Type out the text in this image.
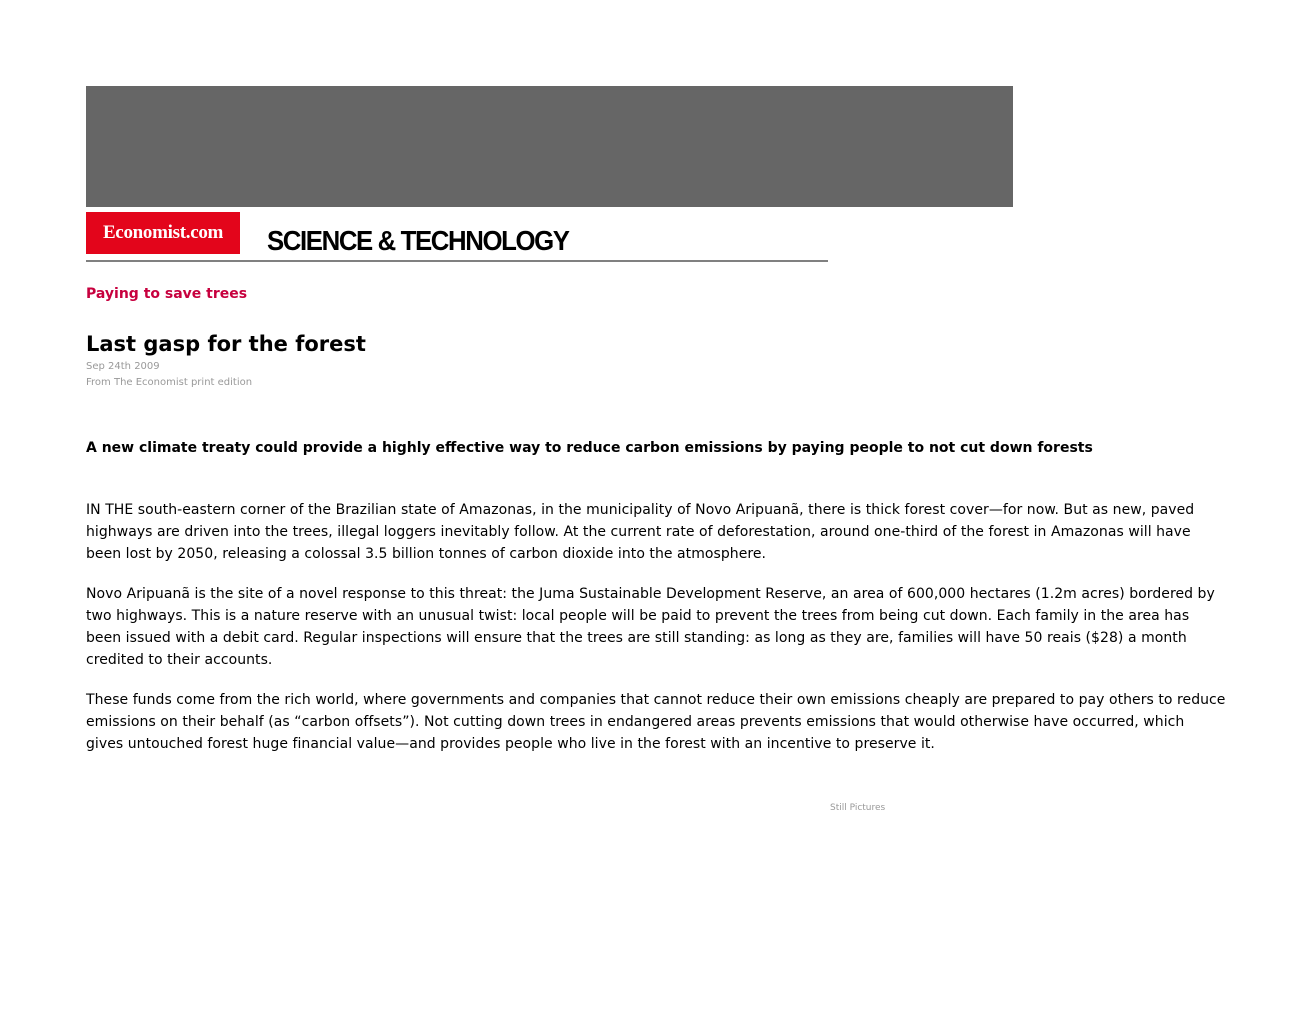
Economist.com	SCIENCE & TECHNOLOGY
Paying to save trees
Last gasp for the forest
Sep 24th 2009
From The Economist print edition

A new climate treaty could provide a highly effective way to reduce carbon emissions by paying people to not cut down forests

IN THE south-eastern corner of the Brazilian state of Amazonas, in the municipality of Novo Aripuanã, there is thick forest cover—for now. But as new, paved highways are driven into the trees, illegal loggers inevitably follow. At the current rate of deforestation, around one-third of the forest in Amazonas will have been lost by 2050, releasing a colossal 3.5 billion tonnes of carbon dioxide into the atmosphere.

Novo Aripuanã is the site of a novel response to this threat: the Juma Sustainable Development Reserve, an area of 600,000 hectares (1.2m acres) bordered by two highways. This is a nature reserve with an unusual twist: local people will be paid to prevent the trees from being cut down. Each family in the area has been issued with a debit card. Regular inspections will ensure that the trees are still standing: as long as they are, families will have 50 reais ($28) a month credited to their accounts.

These funds come from the rich world, where governments and companies that cannot reduce their own emissions cheaply are prepared to pay others to reduce emissions on their behalf (as “carbon offsets”). Not cutting down trees in endangered areas prevents emissions that would otherwise have occurred, which gives untouched forest huge financial value—and provides people who live in the forest with an incentive to preserve it.

Still Pictures
